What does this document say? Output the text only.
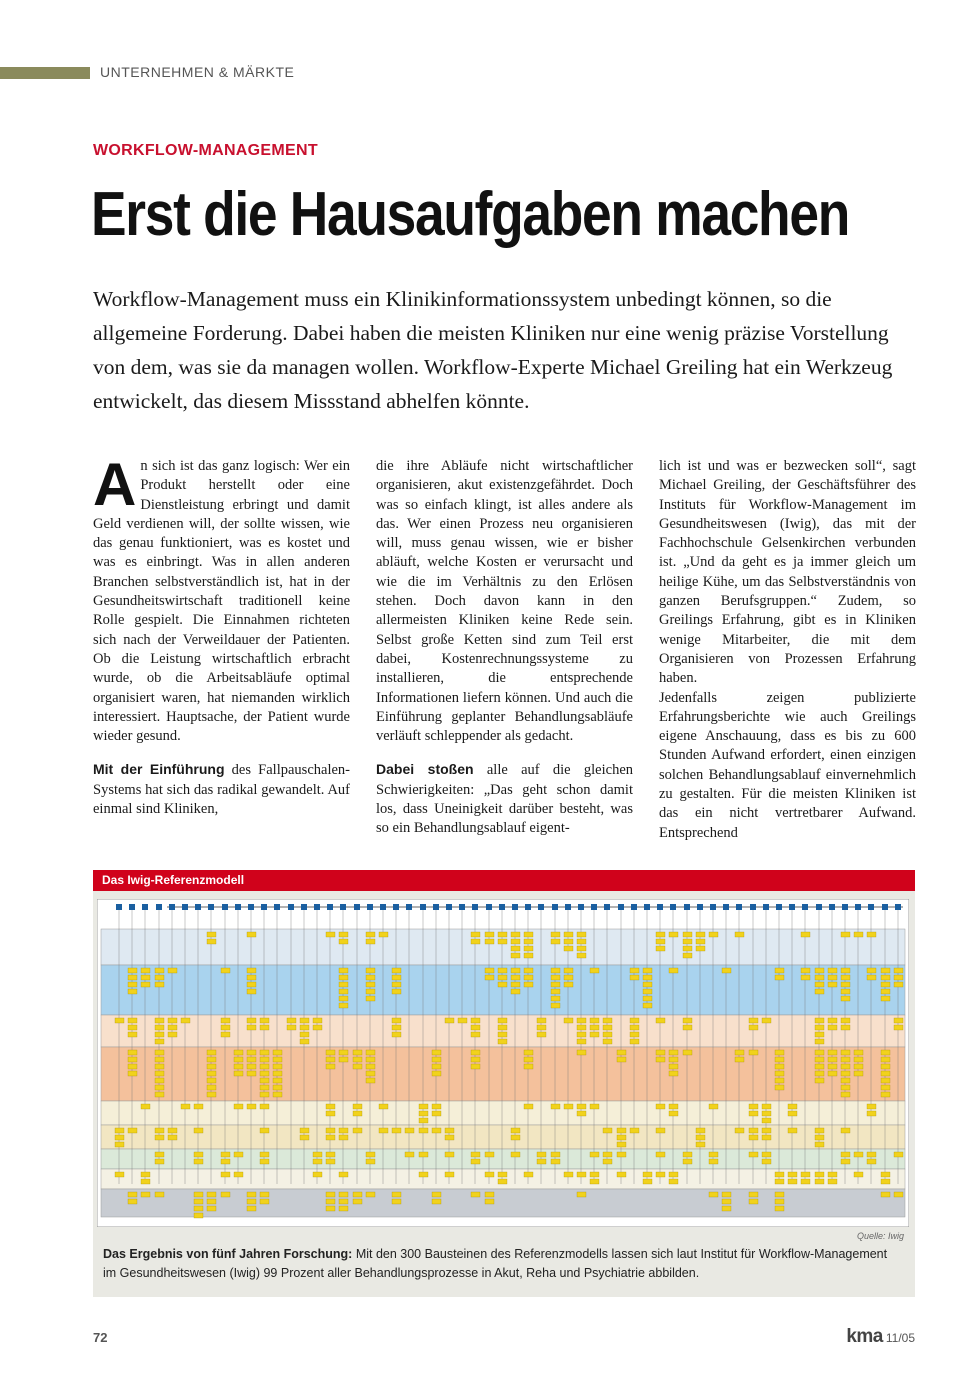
UNTERNEHMEN & MÄRKTE
WORKFLOW-MANAGEMENT
Erst die Hausaufgaben machen

Workflow-Management muss ein Klinikinformationssystem unbedingt können, so die allgemeine Forderung. Dabei haben die meisten Kliniken nur eine wenig präzise Vorstellung von dem, was sie da managen wollen. Workflow-Experte Michael Greiling hat ein Werkzeug entwickelt, das diesem Missstand abhelfen könnte.

An sich ist das ganz logisch: Wer ein Produkt herstellt oder eine Dienstleistung erbringt und damit Geld verdienen will, der sollte wissen, wie das genau funktioniert, was es kostet und was es einbringt. Was in allen anderen Branchen selbstverständlich ist, hat in der Gesundheitswirtschaft traditionell keine Rolle gespielt. Die Einnahmen richteten sich nach der Verweildauer der Patienten. Ob die Leistung wirtschaftlich erbracht wurde, ob die Arbeitsabläufe optimal organisiert waren, hat niemanden wirklich interessiert. Hauptsache, der Patient wurde wieder gesund.

Mit der Einführung des Fallpauschalen-Systems hat sich das radikal gewandelt. Auf einmal sind Kliniken,

die ihre Abläufe nicht wirtschaftlicher organisieren, akut existenzgefährdet. Doch was so einfach klingt, ist alles andere als das. Wer einen Prozess neu organisieren will, muss genau wissen, wie er bisher abläuft, welche Kosten er verursacht und wie die im Verhältnis zu den Erlösen stehen. Doch davon kann in den allermeisten Kliniken keine Rede sein. Selbst große Ketten sind zum Teil erst dabei, Kostenrechnungssysteme zu installieren, die entsprechende Informationen liefern können. Und auch die Einführung geplanter Behandlungsabläufe verläuft schleppender als gedacht.

Dabei stoßen alle auf die gleichen Schwierigkeiten: „Das geht schon damit los, dass Uneinigkeit darüber besteht, was so ein Behandlungsablauf eigent-

lich ist und was er bezwecken soll“, sagt Michael Greiling, der Geschäftsführer des Instituts für Workflow-Management im Gesundheitswesen (Iwig), das mit der Fachhochschule Gelsenkirchen verbunden ist. „Und da geht es ja immer gleich um heilige Kühe, um das Selbstverständnis von ganzen Berufsgruppen.“ Zudem, so Greilings Erfahrung, gibt es in Kliniken wenige Mitarbeiter, die mit dem Organisieren von Prozessen Erfahrung haben.

Jedenfalls zeigen publizierte Erfahrungsberichte wie auch Greilings eigene Anschauung, dass es bis zu 600 Stunden Aufwand erfordert, einen einzigen solchen Behandlungsablauf einvernehmlich zu gestalten. Für die meisten Kliniken ist das ein nicht vertretbarer Aufwand. Entsprechend

Das Iwig-Referenzmodell
Quelle: Iwig
Das Ergebnis von fünf Jahren Forschung: Mit den 300 Bausteinen des Referenzmodells lassen sich laut Institut für Workflow-Management im Gesundheitswesen (Iwig) 99 Prozent aller Behandlungsprozesse in Akut, Reha und Psychiatrie abbilden.
72	kma 11/05
